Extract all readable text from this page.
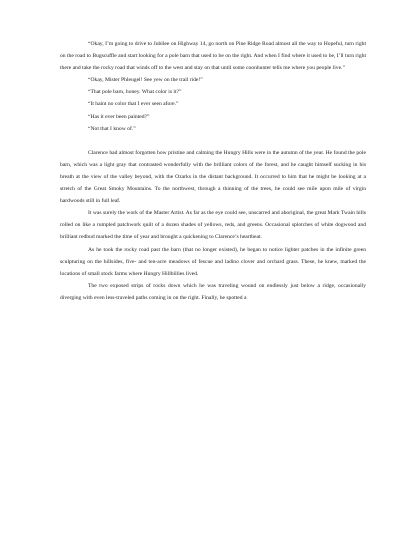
“Okay, I’m going to drive to Jubilee on Highway 14, go north on Pine Ridge Road almost all the way to Hopeful, turn right on the road to Bugscuffle and start looking for a pole barn that used to be on the right. And when I find where it used to be, I’ll turn right there and take the rocky road that winds off to the west and stay on that until some coonhunter tells me where you people live.”

“Okay, Mister Phleugel! See yew on the trail ride!”

“That pole barn, honey. What color is it?”

“It haint no color that I ever seen afore.”

“Has it ever been painted?”

“Not that I know of.”

Clarence had almost forgotten how pristine and calming the Hungry Hills were in the autumn of the year. He found the pole barn, which was a light gray that contrasted wonderfully with the brilliant colors of the forest, and he caught himself sucking in his breath at the view of the valley beyond, with the Ozarks in the distant background. It occurred to him that he might be looking at a stretch of the Great Smoky Mountains. To the northwest, through a thinning of the trees, he could see mile upon mile of virgin hardwoods still in full leaf.

It was surely the work of the Master Artist. As far as the eye could see, unscarred and aboriginal, the great Mark Twain hills rolled on like a rumpled patchwork quilt of a dozen shades of yellows, reds, and greens. Occasional splotches of white dogwood and brilliant redbud marked the time of year and brought a quickening to Clarence’s heartbeat.

As he took the rocky road past the barn (that no longer existed), he began to notice lighter patches in the infinite green sculpturing on the hillsides, five- and ten-acre meadows of fescue and ladino clover and orchard grass. These, he knew, marked the locations of small stock farms where Hungry Hillbillies lived.

The two exposed strips of rocks down which he was traveling wound on endlessly just below a ridge, occasionally diverging with even less-traveled paths coming in on the right. Finally, he spotted a
